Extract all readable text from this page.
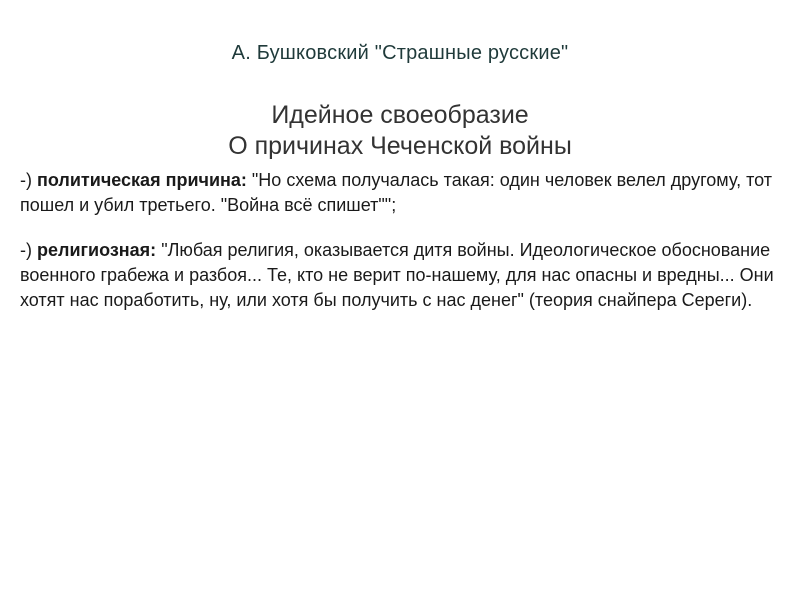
А. Бушковский "Страшные русские"
Идейное своеобразие
О причинах Чеченской войны
-) политическая причина: "Но схема получалась такая: один человек велел другому, тот пошел и убил третьего. "Война всё спишет"";
-) религиозная: "Любая религия, оказывается дитя войны. Идеологическое обоснование военного грабежа и разбоя... Те, кто не верит по-нашему, для нас опасны и вредны... Они хотят нас поработить, ну, или хотя бы получить с нас денег" (теория снайпера Сереги).
